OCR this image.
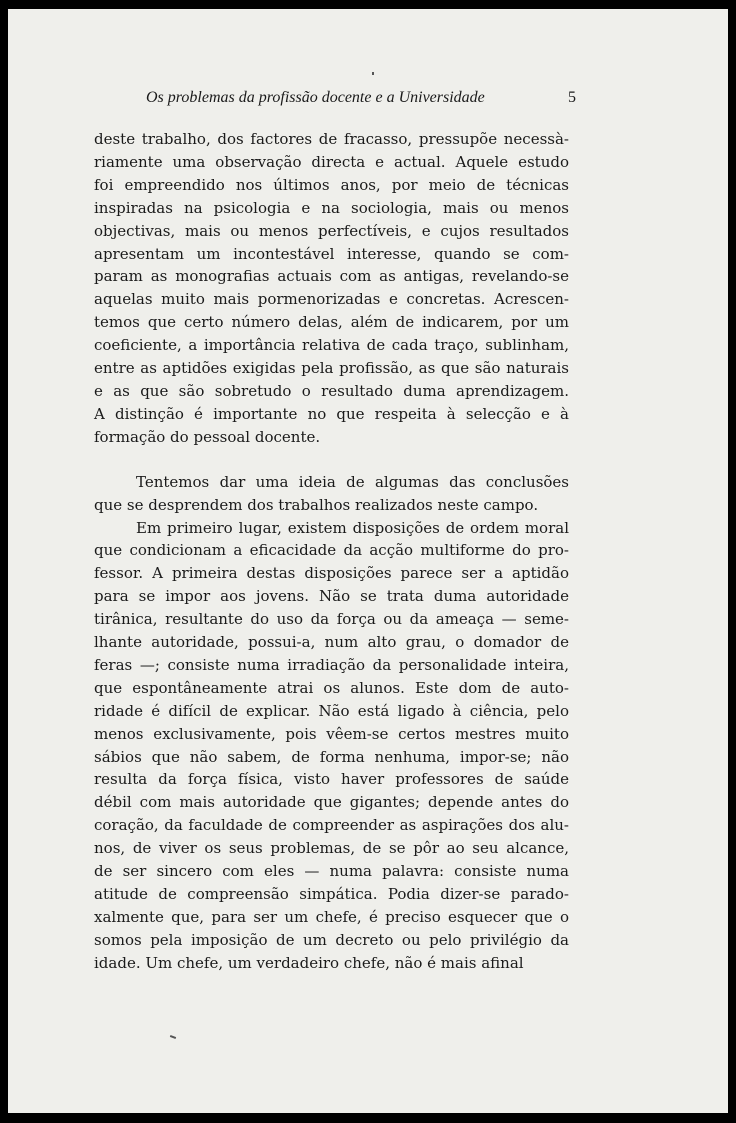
Os problemas da profissão docente e a Universidade	5
deste trabalho, dos factores de fracasso, pressupõe necessà-
riamente uma observação directa e actual. Aquele estudo
foi empreendido nos últimos anos, por meio de técnicas
inspiradas na psicologia e na sociologia, mais ou menos
objectivas, mais ou menos perfectíveis, e cujos resultados
apresentam um incontestável interesse, quando se com-
param as monografias actuais com as antigas, revelando-se
aquelas muito mais pormenorizadas e concretas. Acrescen-
temos que certo número delas, além de indicarem, por um
coeficiente, a importância relativa de cada traço, sublinham,
entre as aptidões exigidas pela profissão, as que são naturais
e as que são sobretudo o resultado duma aprendizagem.
A distinção é importante no que respeita à selecção e à
formação do pessoal docente.
Tentemos dar uma ideia de algumas das conclusões
que se desprendem dos trabalhos realizados neste campo.
Em primeiro lugar, existem disposições de ordem moral
que condicionam a eficacidade da acção multiforme do pro-
fessor. A primeira destas disposições parece ser a aptidão
para se impor aos jovens. Não se trata duma autoridade
tirânica, resultante do uso da força ou da ameaça — seme-
lhante autoridade, possui-a, num alto grau, o domador de
feras —; consiste numa irradiação da personalidade inteira,
que espontâneamente atrai os alunos. Este dom de auto-
ridade é difícil de explicar. Não está ligado à ciência, pelo
menos exclusivamente, pois vêem-se certos mestres muito
sábios que não sabem, de forma nenhuma, impor-se; não
resulta da força física, visto haver professores de saúde
débil com mais autoridade que gigantes; depende antes do
coração, da faculdade de compreender as aspirações dos alu-
nos, de viver os seus problemas, de se pôr ao seu alcance,
de ser sincero com eles — numa palavra: consiste numa
atitude de compreensão simpática. Podia dizer-se parado-
xalmente que, para ser um chefe, é preciso esquecer que o
somos pela imposição de um decreto ou pelo privilégio da
idade. Um chefe, um verdadeiro chefe, não é mais afinal
